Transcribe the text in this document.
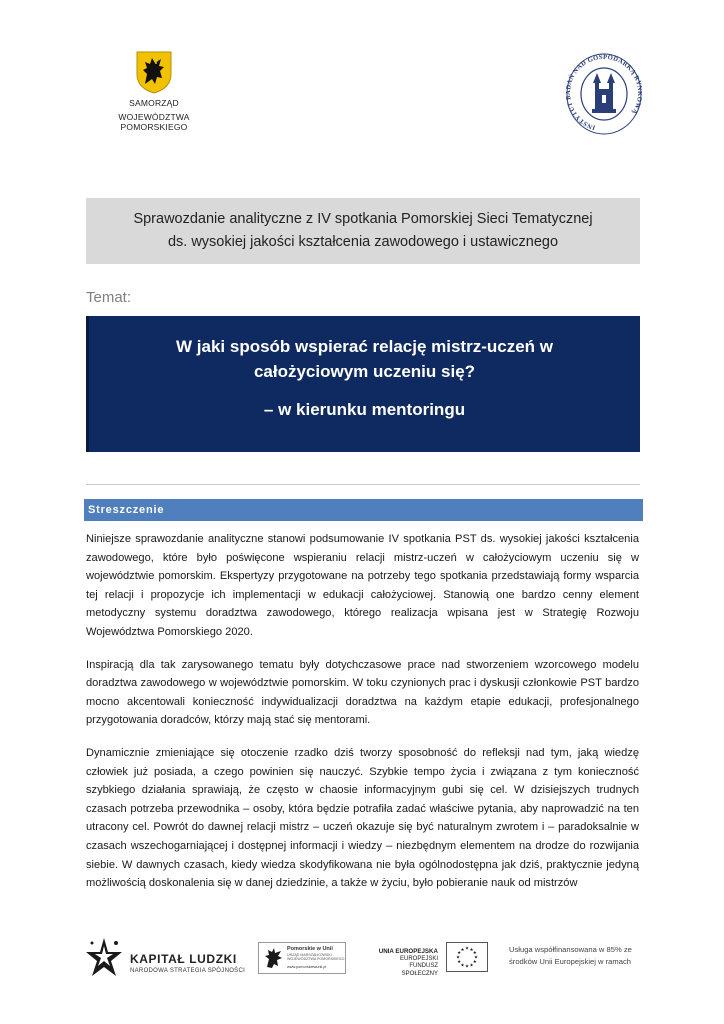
SAMORZĄD
WOJEWÓDZTWA POMORSKIEGO	INSTYTUT AŃ NAD GOSPODARKĄ RY WĄ
Sprawozdanie analityczne z IV spotkania Pomorskiej Sieci Tematycznej
ds. wysokiej jakości kształcenia zawodowego i ustawicznego
Temat:
W jaki sposób wspierać relację mistrz-uczeń w całożyciowym uczeniu się?
– w kierunku mentoringu
Streszczenie

Niniejsze sprawozdanie analityczne stanowi podsumowanie IV spotkania PST ds. wysokiej jakości kształcenia zawodowego, które było poświęcone wspieraniu relacji mistrz-uczeń w całożyciowym uczeniu się w województwie pomorskim. Ekspertyzy przygotowane na potrzeby tego spotkania przedstawiają formy wsparcia tej relacji i propozycje ich implementacji w edukacji całożyciowej. Stanowią one bardzo cenny element metodyczny systemu doradztwa zawodowego, którego realizacja wpisana jest w Strategię Rozwoju Województwa Pomorskiego 2020.

Inspiracją dla tak zarysowanego tematu były dotychczasowe prace nad stworzeniem wzorcowego modelu doradztwa zawodowego w województwie pomorskim. W toku czynionych prac i dyskusji członkowie PST bardzo mocno akcentowali konieczność indywidualizacji doradztwa na każdym etapie edukacji, profesjonalnego przygotowania doradców, którzy mają stać się mentorami.

Dynamicznie zmieniające się otoczenie rzadko dziś tworzy sposobność do refleksji nad tym, jaką wiedzę człowiek już posiada, a czego powinien się nauczyć. Szybkie tempo życia i związana z tym konieczność szybkiego działania sprawiają, że często w chaosie informacyjnym gubi się cel. W dzisiejszych trudnych czasach potrzeba przewodnika – osoby, która będzie potrafiła zadać właściwe pytania, aby naprowadzić na ten utracony cel. Powrót do dawnej relacji mistrz – uczeń okazuje się być naturalnym zwrotem i – paradoksalnie w czasach wszechogarniającej i dostępnej informacji i wiedzy – niezbędnym elementem na drodze do rozwijania siebie. W dawnych czasach, kiedy wiedza skodyfikowana nie była ogólnodostępna jak dziś, praktycznie jedyną możliwością doskonalenia się w danej dziedzinie, a także w życiu, było pobieranie nauk od mistrzów

KAPITAŁ LUDZKI
NARODOWA STRATEGIA SPÓJNOŚCI
Pomorskie w Unii
URZĄD MARSZAŁKOWSKI
WOJEWÓDZTWA POMORSKIEGO
www.pomorskiewunii.pl
UNIA EUROPEJSKA
EUROPEJSKI
FUNDUSZ SPOŁECZNY
★
★
★
★
★
★
★
★
★ ★ ★
★	Usługa współfinansowana w 85% ze środków Unii Europejskiej w ramach
